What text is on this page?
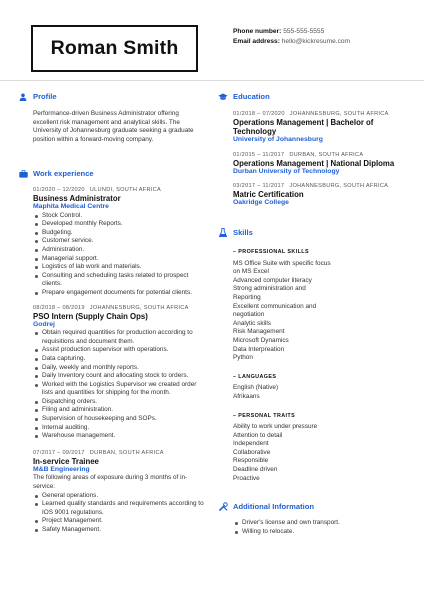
Roman Smith
Phone number: 555-555-5555
Email address: hello@kickresume.com
Profile
Performance-driven Business Administrator offering excellent risk management and analytical skills. The University of Johannesburg graduate seeking a graduate position within a forward-moving company.
Work experience
01/2020 – 12/2020 ULUNDI, SOUTH AFRICA
Business Administrator
Maphita Medical Centre
Stock Control.
Developed monthly Reports.
Budgeting.
Customer service.
Administration.
Managerial support.
Logistics of lab work and materials.
Consulting and scheduling tasks related to prospect clients.
Prepare engagement documents for potential clients.
08/2018 – 08/2019 JOHANNESBURG, SOUTH AFRICA
PSO Intern (Supply Chain Ops)
Godrej
Obtain required quantities for production according to requisitions and document them.
Assist production supervisor with operations.
Data capturing.
Daily, weekly and monthly reports.
Daily Inventory count and allocating stock to orders.
Worked with the Logistics Supervisor we created order lists and quantities for shipping for the month.
Dispatching orders.
Filing and administration.
Supervision of housekeeping and SOPs.
Internal auditing.
Warehouse management.
07/2017 – 09/2017 DURBAN, SOUTH AFRICA
In-service Trainee
M&B Engineering
The following areas of exposure during 3 months of in-service:
General operations.
Learned quality standards and requirements according to IOS 9001 regulations.
Project Management.
Safety Management.
Education
01/2018 – 07/2020 JOHANNESBURG, SOUTH AFRICA
Operations Management | Bachelor of Technology
University of Johannesburg
01/2015 – 11/2017 DURBAN, SOUTH AFRICA
Operations Management | National Diploma
Durban University of Technology
03/2017 – 11/2017 JOHANNESBURG, SOUTH AFRICA
Matric Certification
Oakridge College
Skills
– PROFESSIONAL SKILLS
MS Office Suite with specific focus on MS Excel
Advanced computer literacy
Strong administration and Reporting
Excellent communication and negotiation
Analytic skills
Risk Management
Microsoft Dynamics
Data Interpreation
Python
– LANGUAGES
English (Native)
Afrikaans
– PERSONAL TRAITS
Ability to work under pressure
Attention to detail
Independent
Collaborative
Responsible
Deadline driven
Proactive
Additional Information
Driver's license and own transport.
Willing to relocate.
